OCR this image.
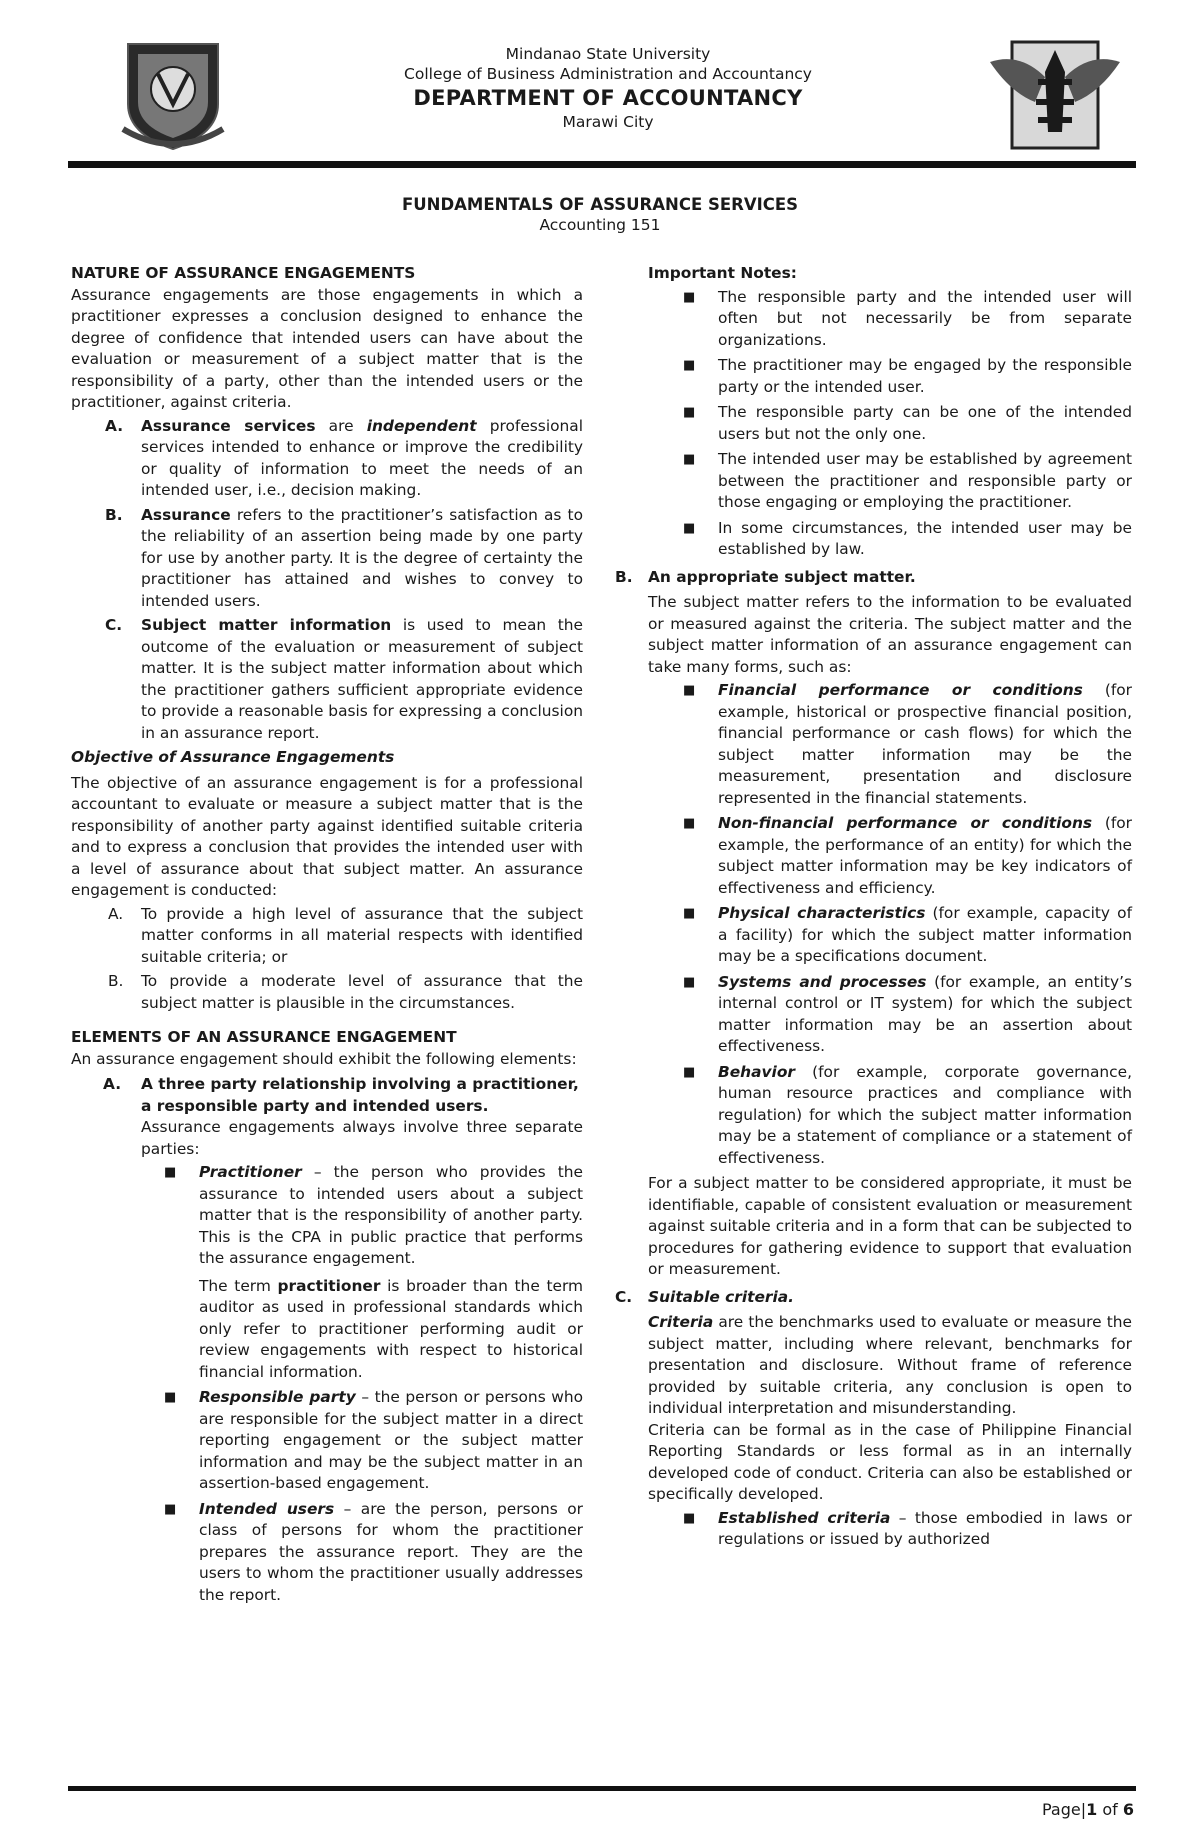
Mindanao State University
College of Business Administration and Accountancy
DEPARTMENT OF ACCOUNTANCY
Marawi City
FUNDAMENTALS OF ASSURANCE SERVICES
Accounting 151

NATURE OF ASSURANCE ENGAGEMENTS

Assurance engagements are those engagements in which a practitioner expresses a conclusion designed to enhance the degree of confidence that intended users can have about the evaluation or measurement of a subject matter that is the responsibility of a party, other than the intended users or the practitioner, against criteria.

A. Assurance services are independent professional services intended to enhance or improve the credibility or quality of information to meet the needs of an intended user, i.e., decision making.
B. Assurance refers to the practitioner’s satisfaction as to the reliability of an assertion being made by one party for use by another party. It is the degree of certainty the practitioner has attained and wishes to convey to intended users.
C. Subject matter information is used to mean the outcome of the evaluation or measurement of subject matter. It is the subject matter information about which the practitioner gathers sufficient appropriate evidence to provide a reasonable basis for expressing a conclusion in an assurance report.

Objective of Assurance Engagements

The objective of an assurance engagement is for a professional accountant to evaluate or measure a subject matter that is the responsibility of another party against identified suitable criteria and to express a conclusion that provides the intended user with a level of assurance about that subject matter. An assurance engagement is conducted:

A. To provide a high level of assurance that the subject matter conforms in all material respects with identified suitable criteria; or
B. To provide a moderate level of assurance that the subject matter is plausible in the circumstances.

ELEMENTS OF AN ASSURANCE ENGAGEMENT

An assurance engagement should exhibit the following elements:

A. A three party relationship involving a practitioner, a responsible party and intended users.

Assurance engagements always involve three separate parties:

■ Practitioner – the person who provides the assurance to intended users about a subject matter that is the responsibility of another party. This is the CPA in public practice that performs the assurance engagement.

The term practitioner is broader than the term auditor as used in professional standards which only refer to practitioner performing audit or review engagements with respect to historical financial information.

■ Responsible party – the person or persons who are responsible for the subject matter in a direct reporting engagement or the subject matter information and may be the subject matter in an assertion-based engagement.

■ Intended users – are the person, persons or class of persons for whom the practitioner prepares the assurance report. They are the users to whom the practitioner usually addresses the report.

Important Notes:

■ The responsible party and the intended user will often but not necessarily be from separate organizations.
■ The practitioner may be engaged by the responsible party or the intended user.
■ The responsible party can be one of the intended users but not the only one.
■ The intended user may be established by agreement between the practitioner and responsible party or those engaging or employing the practitioner.
■ In some circumstances, the intended user may be established by law.
B. An appropriate subject matter.

The subject matter refers to the information to be evaluated or measured against the criteria. The subject matter and the subject matter information of an assurance engagement can take many forms, such as:

■ Financial performance or conditions (for example, historical or prospective financial position, financial performance or cash flows) for which the subject matter information may be the measurement, presentation and disclosure represented in the financial statements.
■ Non-financial performance or conditions (for example, the performance of an entity) for which the subject matter information may be key indicators of effectiveness and efficiency.
■ Physical characteristics (for example, capacity of a facility) for which the subject matter information may be a specifications document.
■ Systems and processes (for example, an entity’s internal control or IT system) for which the subject matter information may be an assertion about effectiveness.
■ Behavior (for example, corporate governance, human resource practices and compliance with regulation) for which the subject matter information may be a statement of compliance or a statement of effectiveness.

For a subject matter to be considered appropriate, it must be identifiable, capable of consistent evaluation or measurement against suitable criteria and in a form that can be subjected to procedures for gathering evidence to support that evaluation or measurement.

C. Suitable criteria.

Criteria are the benchmarks used to evaluate or measure the subject matter, including where relevant, benchmarks for presentation and disclosure. Without frame of reference provided by suitable criteria, any conclusion is open to individual interpretation and misunderstanding.

Criteria can be formal as in the case of Philippine Financial Reporting Standards or less formal as in an internally developed code of conduct. Criteria can also be established or specifically developed.

■ Established criteria – those embodied in laws or regulations or issued by authorized
Page|1 of 6
